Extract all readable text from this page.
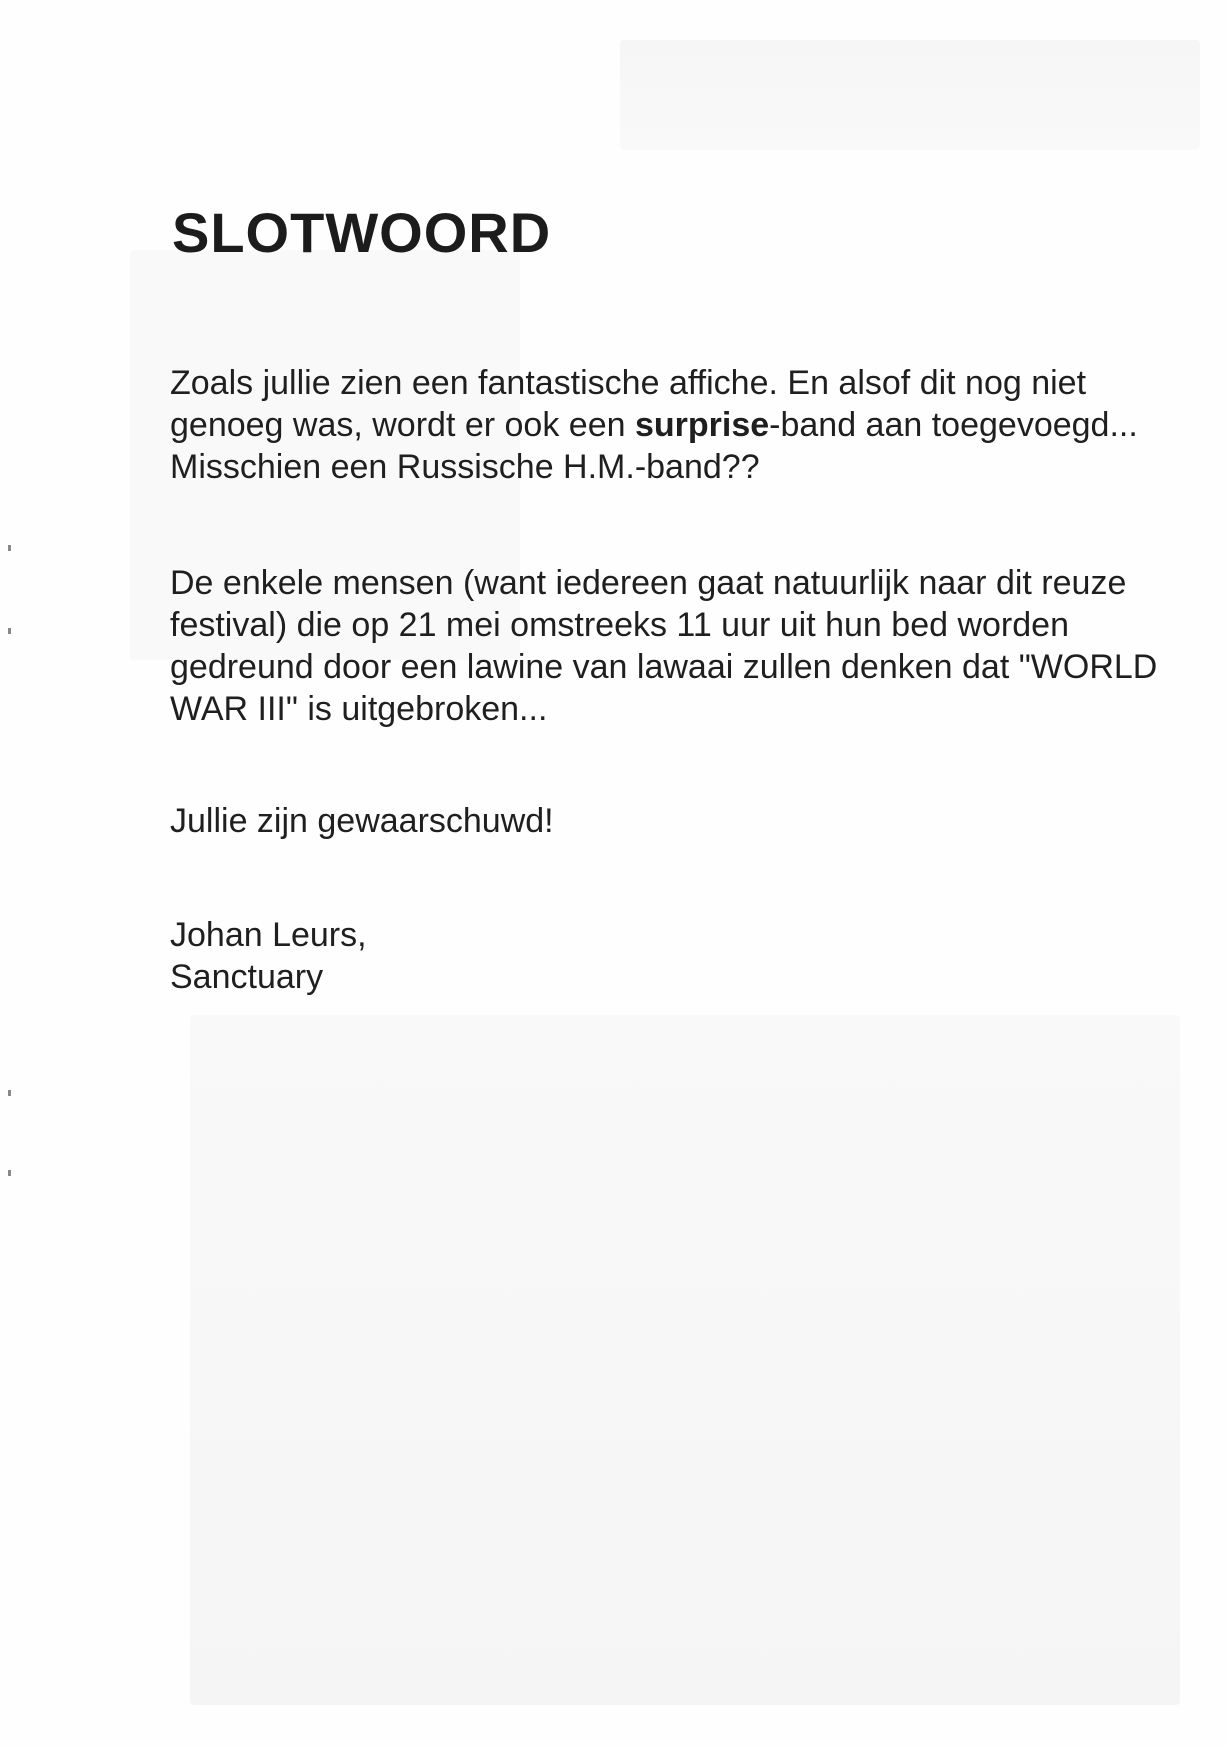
SLOTWOORD

Zoals jullie zien een fantastische affiche. En alsof dit nog niet genoeg was, wordt er ook een surprise-band aan toegevoegd... Misschien een Russische H.M.-band??

De enkele mensen (want iedereen gaat natuurlijk naar dit reuze festival) die op 21 mei omstreeks 11 uur uit hun bed worden gedreund door een lawine van lawaai zullen denken dat "WORLD WAR III" is uitgebroken...

Jullie zijn gewaarschuwd!

Johan Leurs,
Sanctuary
